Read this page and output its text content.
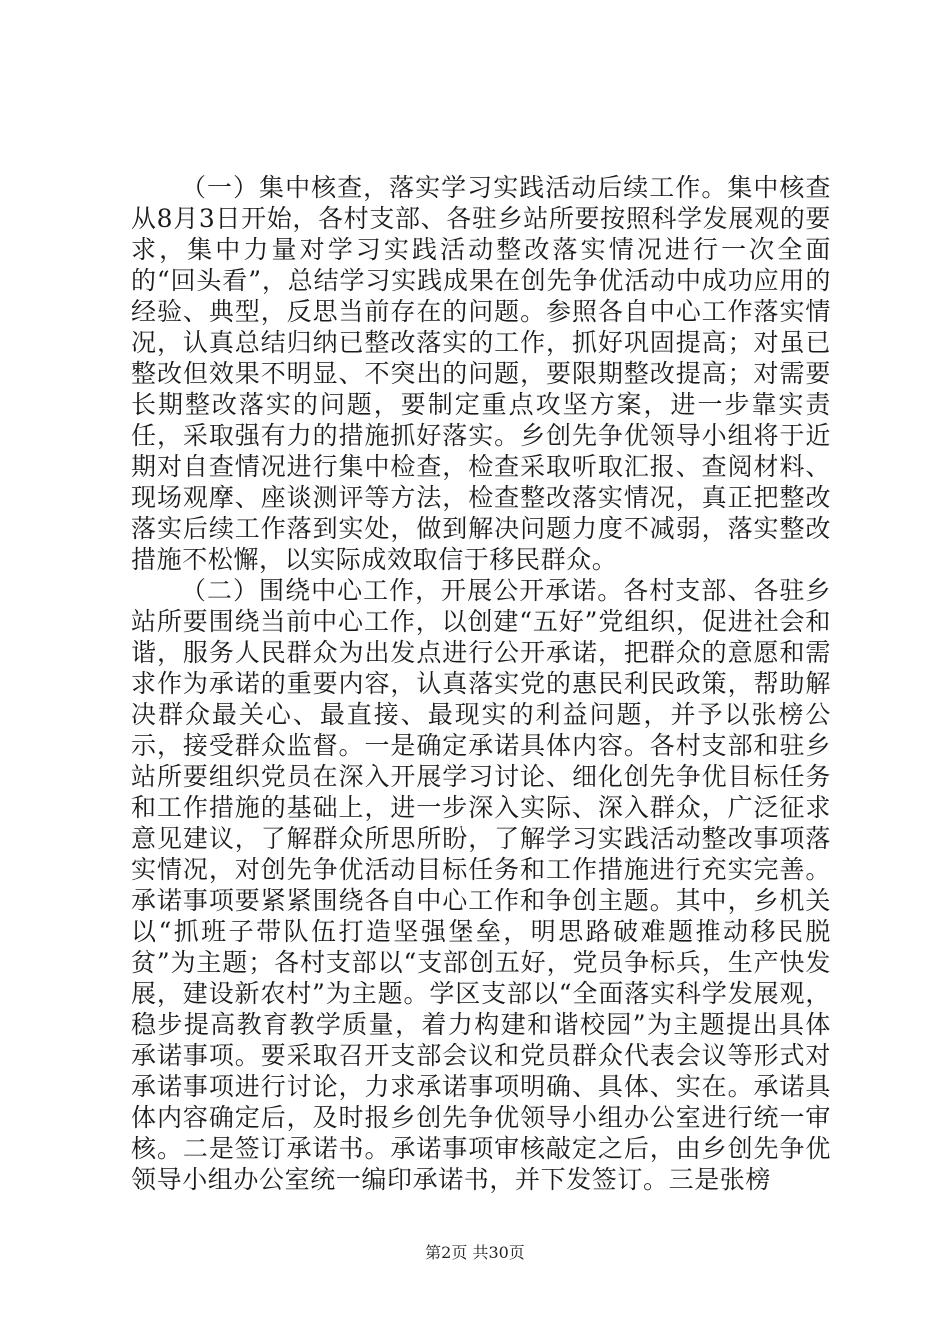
（一）集中核查，落实学习实践活动后续工作。集中核查从8月3日开始，各村支部、各驻乡站所要按照科学发展观的要求，集中力量对学习实践活动整改落实情况进行一次全面的“回头看”，总结学习实践成果在创先争优活动中成功应用的经验、典型，反思当前存在的问题。参照各自中心工作落实情况，认真总结归纳已整改落实的工作，抓好巩固提高；对虽已整改但效果不明显、不突出的问题，要限期整改提高；对需要长期整改落实的问题，要制定重点攻坚方案，进一步靠实责任，采取强有力的措施抓好落实。乡创先争优领导小组将于近期对自查情况进行集中检查，检查采取听取汇报、查阅材料、现场观摩、座谈测评等方法，检查整改落实情况，真正把整改落实后续工作落到实处，做到解决问题力度不减弱，落实整改措施不松懈，以实际成效取信于移民群众。

（二）围绕中心工作，开展公开承诺。各村支部、各驻乡站所要围绕当前中心工作，以创建“五好”党组织，促进社会和谐，服务人民群众为出发点进行公开承诺，把群众的意愿和需求作为承诺的重要内容，认真落实党的惠民利民政策，帮助解决群众最关心、最直接、最现实的利益问题，并予以张榜公示，接受群众监督。一是确定承诺具体内容。各村支部和驻乡站所要组织党员在深入开展学习讨论、细化创先争优目标任务和工作措施的基础上，进一步深入实际、深入群众，广泛征求意见建议，了解群众所思所盼，了解学习实践活动整改事项落实情况，对创先争优活动目标任务和工作措施进行充实完善。承诺事项要紧紧围绕各自中心工作和争创主题。其中，乡机关以“抓班子带队伍打造坚强堡垒，明思路破难题推动移民脱贫”为主题；各村支部以“支部创五好，党员争标兵，生产快发展，建设新农村”为主题。学区支部以“全面落实科学发展观，稳步提高教育教学质量，着力构建和谐校园”为主题提出具体承诺事项。要采取召开支部会议和党员群众代表会议等形式对承诺事项进行讨论，力求承诺事项明确、具体、实在。承诺具体内容确定后，及时报乡创先争优领导小组办公室进行统一审核。二是签订承诺书。承诺事项审核敲定之后，由乡创先争优领导小组办公室统一编印承诺书，并下发签订。三是张榜

第2页 共30页
